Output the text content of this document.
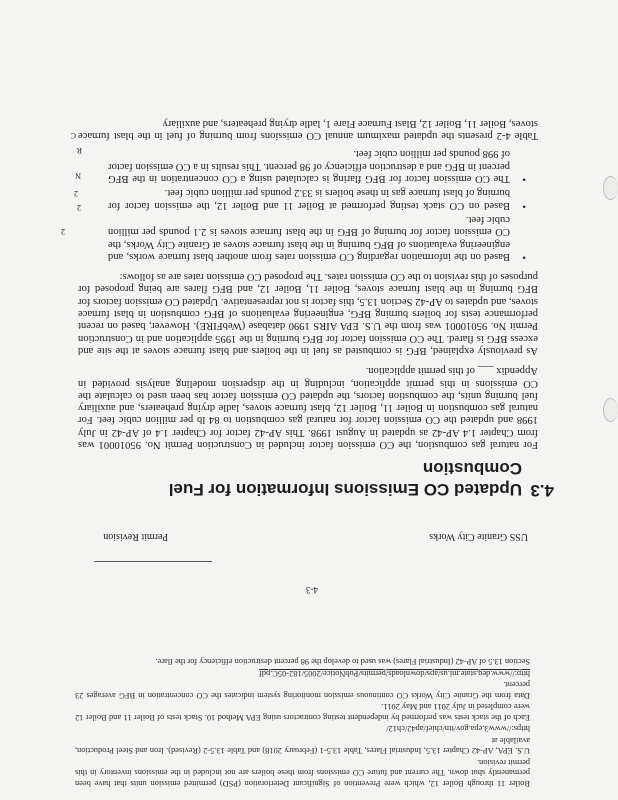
Boiler 11 through Boiler 12, which were Prevention of Significant Deterioration (PSD) permitted emission units that have been permanently shut down. The current and future CO emissions from these boilers are not included in the emissions inventory in this permit revision.

U.S. EPA, AP-42 Chapter 13.5, Industrial Flares, Table 13.5-1 (February 2018) and Table 13.5-2 (Revised). Iron and Steel Production, available at

https://www3.epa.gov/ttn/chief/ap42/ch12/

Each of the stack tests was performed by independent testing contractors using EPA Method 10. Stack tests of Boiler 11 and Boiler 12 were completed in July 2011 and May 2011.

Data from the Granite City Works CO continuous emission monitoring system indicates the CO concentration in BFG averages 23 percent.

http://www.deq.state.mi.us/aps/downloads/permits/PubNotice/2005/182-05C.pdf

Section 13.5 of AP-42 (Industrial Flares) was used to develop the 98 percent destruction efficiency for the flare.

4-3
USS Granite City Works
Permit Revision
4.3
Updated CO Emissions Information for Fuel
Combustion

For natural gas combustion, the CO emission factor included in Construction Permit No. 95010001 was from Chapter 1.4 AP-42 as updated in August 1998. This AP-42 factor for Chapter 1.4 of AP-42 in July 1998 and updated the CO emission factor for natural gas combustion to 84 lb per million cubic feet. For natural gas combustion in Boiler 11, Boiler 12, blast furnace stoves, ladle drying preheaters, and auxiliary fuel burning units, the combustion factors, the updated CO emission factor has been used to calculate the CO emissions in this permit application, including in the dispersion modeling analysis provided in Appendix ___ of this permit application.

As previously explained, BFG is combusted as fuel in the boilers and blast furnace stoves at the site and excess BFG is flared. The CO emission factor for BFG burning in the 1995 application and in Construction Permit No. 95010001 was from the U.S. EPA AIRS 1990 database (WebFIRE). However, based on recent performance tests for boilers burning BFG, engineering evaluations of BFG combustion in blast furnace stoves, and updates to AP-42 Section 13.5, this factor is not representative. Updated CO emission factors for BFG burning in the blast furnace stoves, Boiler 11, Boiler 12, and BFG flares are being proposed for purposes of this revision to the CO emission rates. The proposed CO emission rates are as follows:

• Based on the information regarding CO emission rates from another blast furnace works, and engineering evaluations of BFG burning in the blast furnace stoves at Granite City Works, the CO emission factor for burning of BFG in the blast furnace stoves is 2.1 pounds per million cubic feet.
• Based on CO stack testing performed at Boiler 11 and Boiler 12, the emission factor for burning of blast furnace gas in these boilers is 33.2 pounds per million cubic feet.
• The CO emission factor for BFG flaring is calculated using a CO concentration in the BFG percent in BFG and a destruction efficiency of 98 percent. This results in a CO emission factor of 998 pounds per million cubic feet.

Table 4-2 presents the updated maximum annual CO emissions from burning of fuel in the blast furnace stoves, Boiler 11, Boiler 12, Blast Furnace Flare 1, ladle drying preheaters, and auxiliary

2
2
2
N
R
C
